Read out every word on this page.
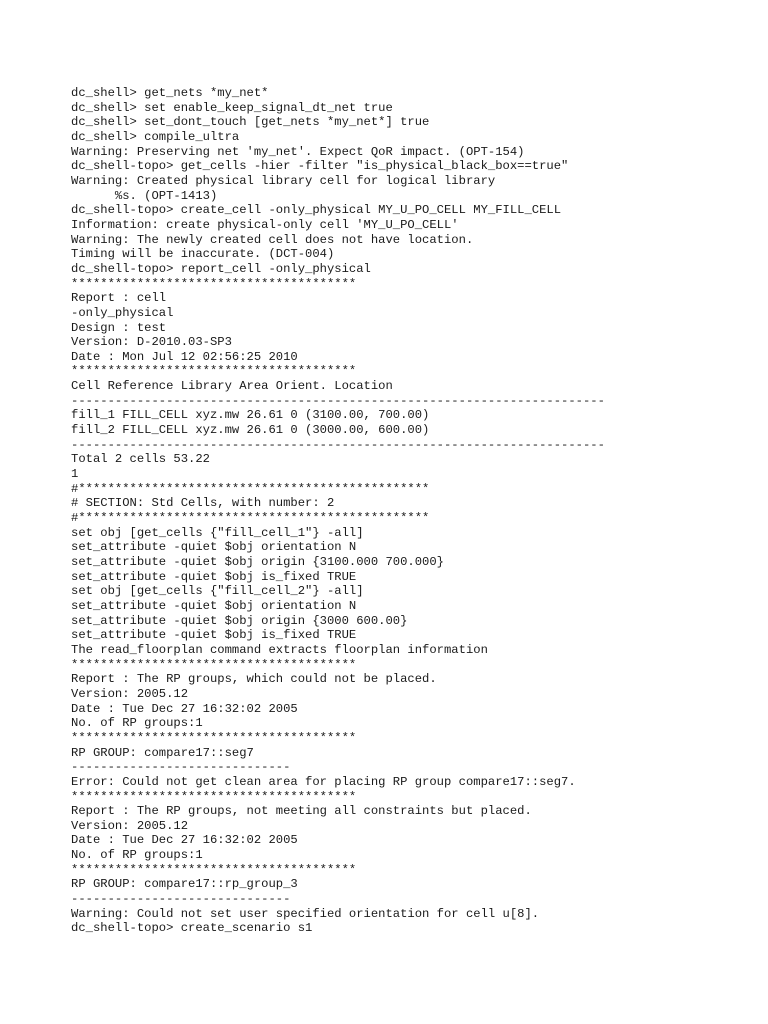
dc_shell> get_nets *my_net*
dc_shell> set enable_keep_signal_dt_net true
dc_shell> set_dont_touch [get_nets *my_net*] true
dc_shell> compile_ultra
Warning: Preserving net 'my_net'. Expect QoR impact. (OPT-154)
dc_shell-topo> get_cells -hier -filter "is_physical_black_box==true"
Warning: Created physical library cell for logical library
%s. (OPT-1413)
dc_shell-topo> create_cell -only_physical MY_U_PO_CELL MY_FILL_CELL
Information: create physical-only cell 'MY_U_PO_CELL'
Warning: The newly created cell does not have location.
Timing will be inaccurate. (DCT-004)
dc_shell-topo> report_cell -only_physical
***************************************
Report : cell
-only_physical
Design : test
Version: D-2010.03-SP3
Date : Mon Jul 12 02:56:25 2010
***************************************
Cell Reference Library Area Orient. Location
-------------------------------------------------------------------------
fill_1 FILL_CELL xyz.mw 26.61 0 (3100.00, 700.00)
fill_2 FILL_CELL xyz.mw 26.61 0 (3000.00, 600.00)
-------------------------------------------------------------------------
Total 2 cells 53.22
1
#************************************************
# SECTION: Std Cells, with number: 2
#************************************************
set obj [get_cells {"fill_cell_1"} -all]
set_attribute -quiet $obj orientation N
set_attribute -quiet $obj origin {3100.000 700.000}
set_attribute -quiet $obj is_fixed TRUE
set obj [get_cells {"fill_cell_2"} -all]
set_attribute -quiet $obj orientation N
set_attribute -quiet $obj origin {3000 600.00}
set_attribute -quiet $obj is_fixed TRUE
The read_floorplan command extracts floorplan information
***************************************
Report : The RP groups, which could not be placed.
Version: 2005.12
Date : Tue Dec 27 16:32:02 2005
No. of RP groups:1
***************************************
RP GROUP: compare17::seg7
------------------------------
Error: Could not get clean area for placing RP group compare17::seg7.
***************************************
Report : The RP groups, not meeting all constraints but placed.
Version: 2005.12
Date : Tue Dec 27 16:32:02 2005
No. of RP groups:1
***************************************
RP GROUP: compare17::rp_group_3
------------------------------
Warning: Could not set user specified orientation for cell u[8].
dc_shell-topo> create_scenario s1
